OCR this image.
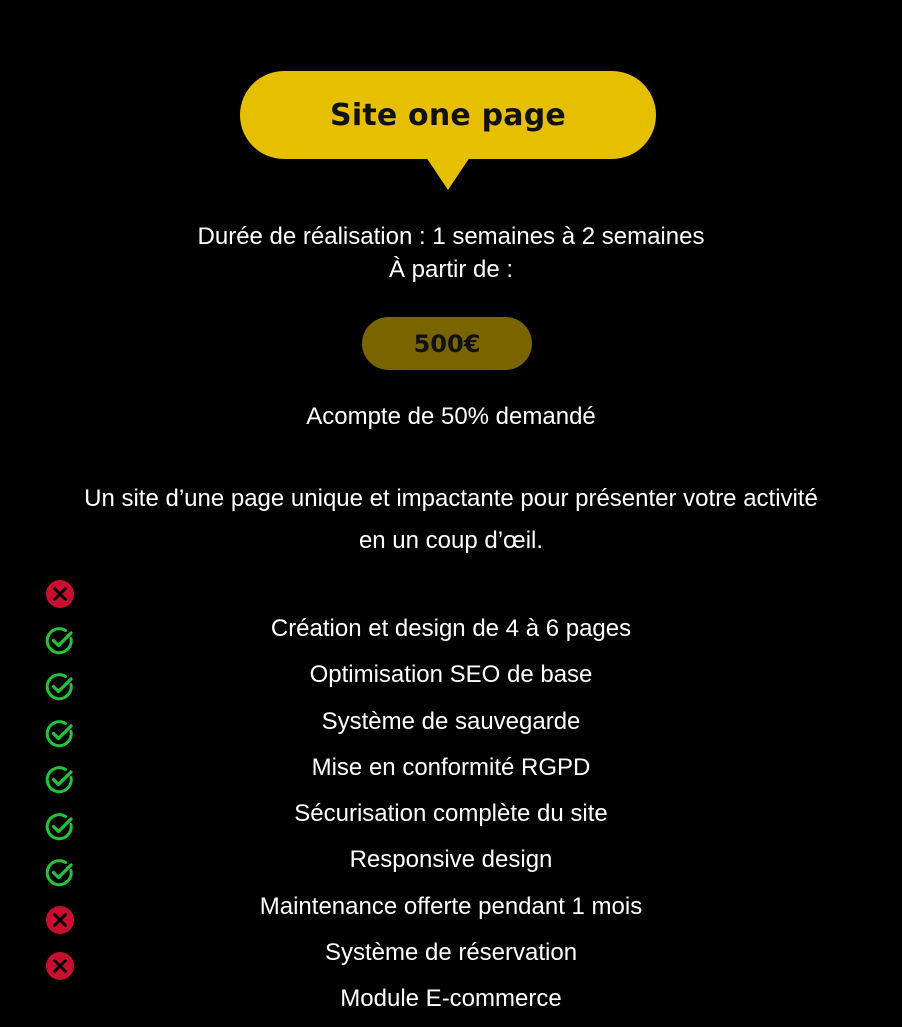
Site one page
Durée de réalisation : 1 semaines à 2 semaines
À partir de :
500€
Acompte de 50% demandé
Un site d’une page unique et impactante pour présenter votre activité
en un coup d’œil.
Création et design de 4 à 6 pages
Optimisation SEO de base
Système de sauvegarde
Mise en conformité RGPD
Sécurisation complète du site
Responsive design
Maintenance offerte pendant 1 mois
Système de réservation
Module E-commerce
